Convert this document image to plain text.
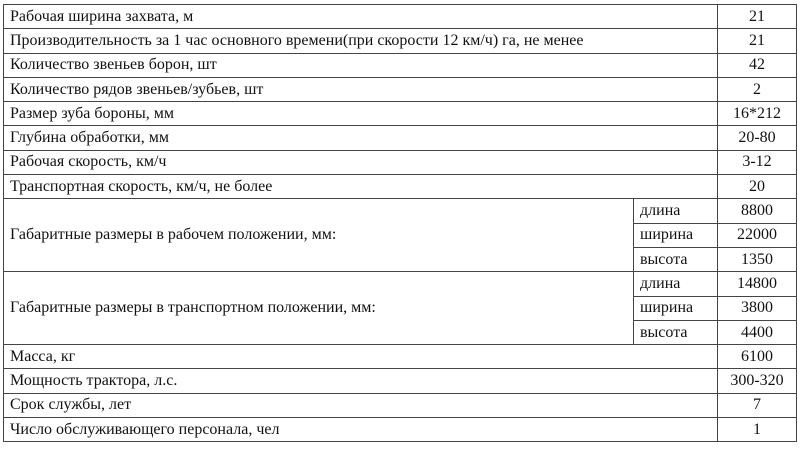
Рабочая ширина захвата, м		21
Производительность за 1 час основного времени(при скорости 12 км/ч) га, не менее		21
Количество звеньев борон, шт		42
Количество рядов звеньев/зубьев, шт		2
Размер зуба бороны, мм		16*212
Глубина обработки, мм		20-80
Рабочая скорость, км/ч		3-12
Транспортная скорость, км/ч, не более		20
Габаритные размеры в рабочем положении, мм:	длина	8800
	ширина	22000
	высота	1350
Габаритные размеры в транспортном положении, мм:	длина	14800
	ширина	3800
	высота	4400
Масса, кг		6100
Мощность трактора, л.с.		300-320
Срок службы, лет		7
Число обслуживающего персонала, чел		1
